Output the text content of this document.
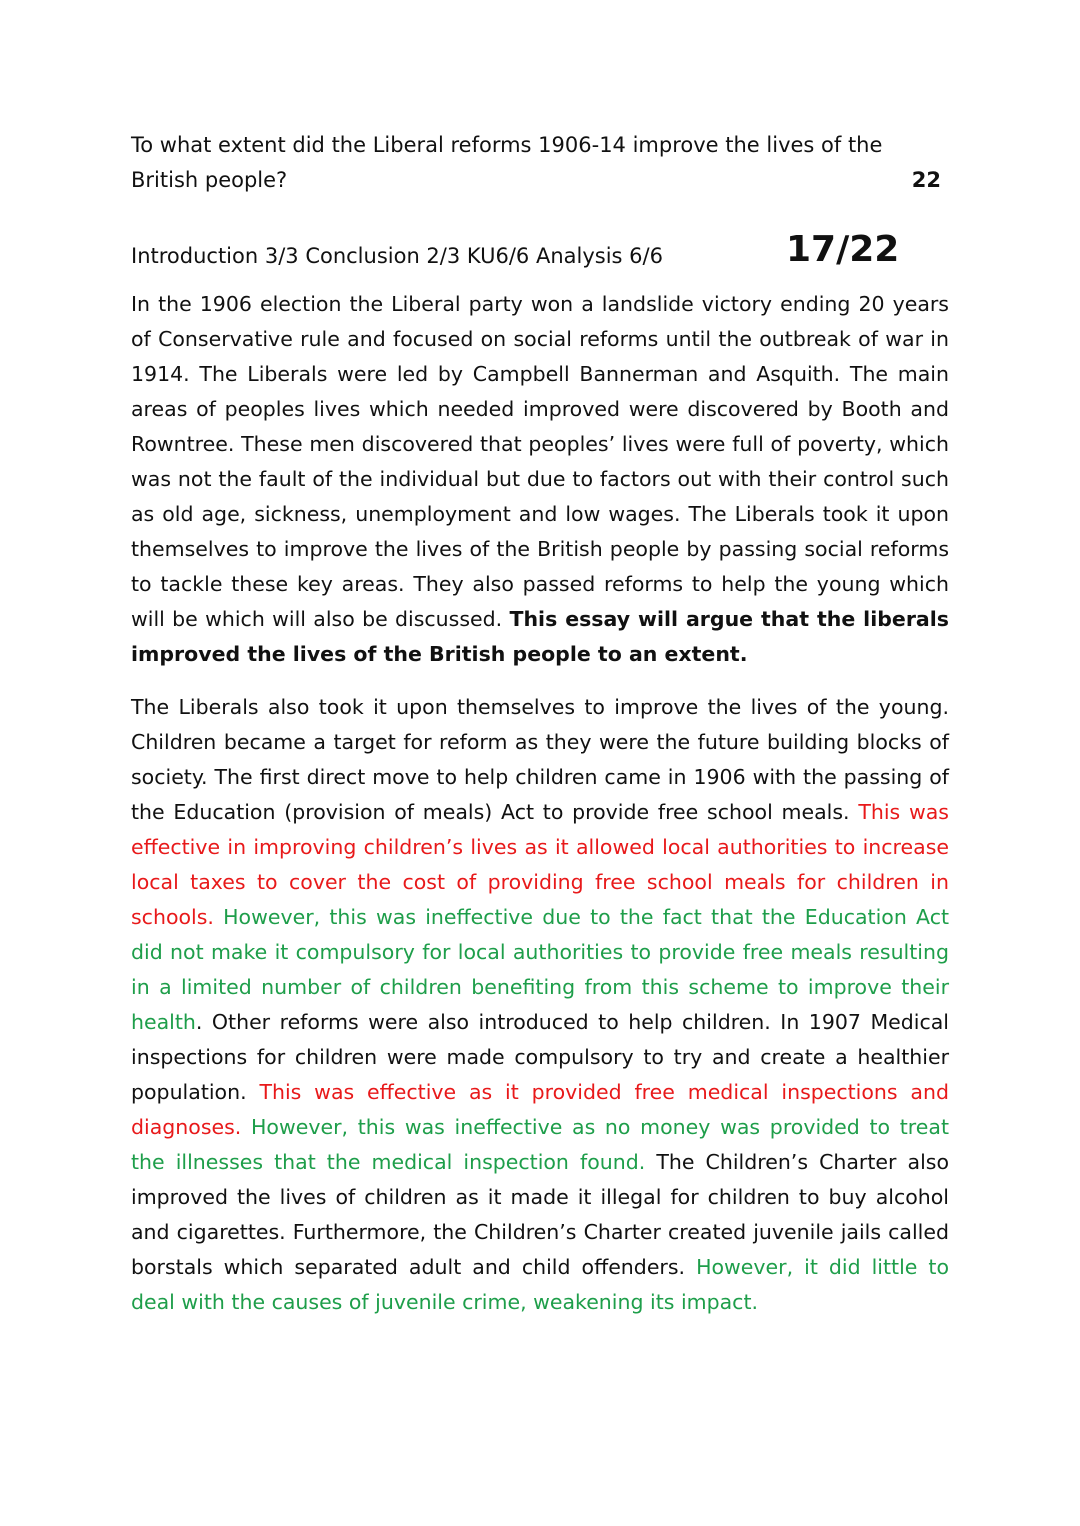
To what extent did the Liberal reforms 1906-14 improve the lives of the British people?	22

Introduction 3/3 Conclusion 2/3 KU6/6 Analysis 6/6	17/22

In the 1906 election the Liberal party won a landslide victory ending 20 years of Conservative rule and focused on social reforms until the outbreak of war in 1914. The Liberals were led by Campbell Bannerman and Asquith. The main areas of peoples lives which needed improved were discovered by Booth and Rowntree. These men discovered that peoples’ lives were full of poverty, which was not the fault of the individual but due to factors out with their control such as old age, sickness, unemployment and low wages. The Liberals took it upon themselves to improve the lives of the British people by passing social reforms to tackle these key areas. They also passed reforms to help the young which will be which will also be discussed. This essay will argue that the liberals improved the lives of the British people to an extent.

The Liberals also took it upon themselves to improve the lives of the young. Children became a target for reform as they were the future building blocks of society. The first direct move to help children came in 1906 with the passing of the Education (provision of meals) Act to provide free school meals. This was effective in improving children’s lives as it allowed local authorities to increase local taxes to cover the cost of providing free school meals for children in schools. However, this was ineffective due to the fact that the Education Act did not make it compulsory for local authorities to provide free meals resulting in a limited number of children benefiting from this scheme to improve their health. Other reforms were also introduced to help children. In 1907 Medical inspections for children were made compulsory to try and create a healthier population. This was effective as it provided free medical inspections and diagnoses. However, this was ineffective as no money was provided to treat the illnesses that the medical inspection found. The Children’s Charter also improved the lives of children as it made it illegal for children to buy alcohol and cigarettes. Furthermore, the Children’s Charter created juvenile jails called borstals which separated adult and child offenders. However, it did little to deal with the causes of juvenile crime, weakening its impact.
